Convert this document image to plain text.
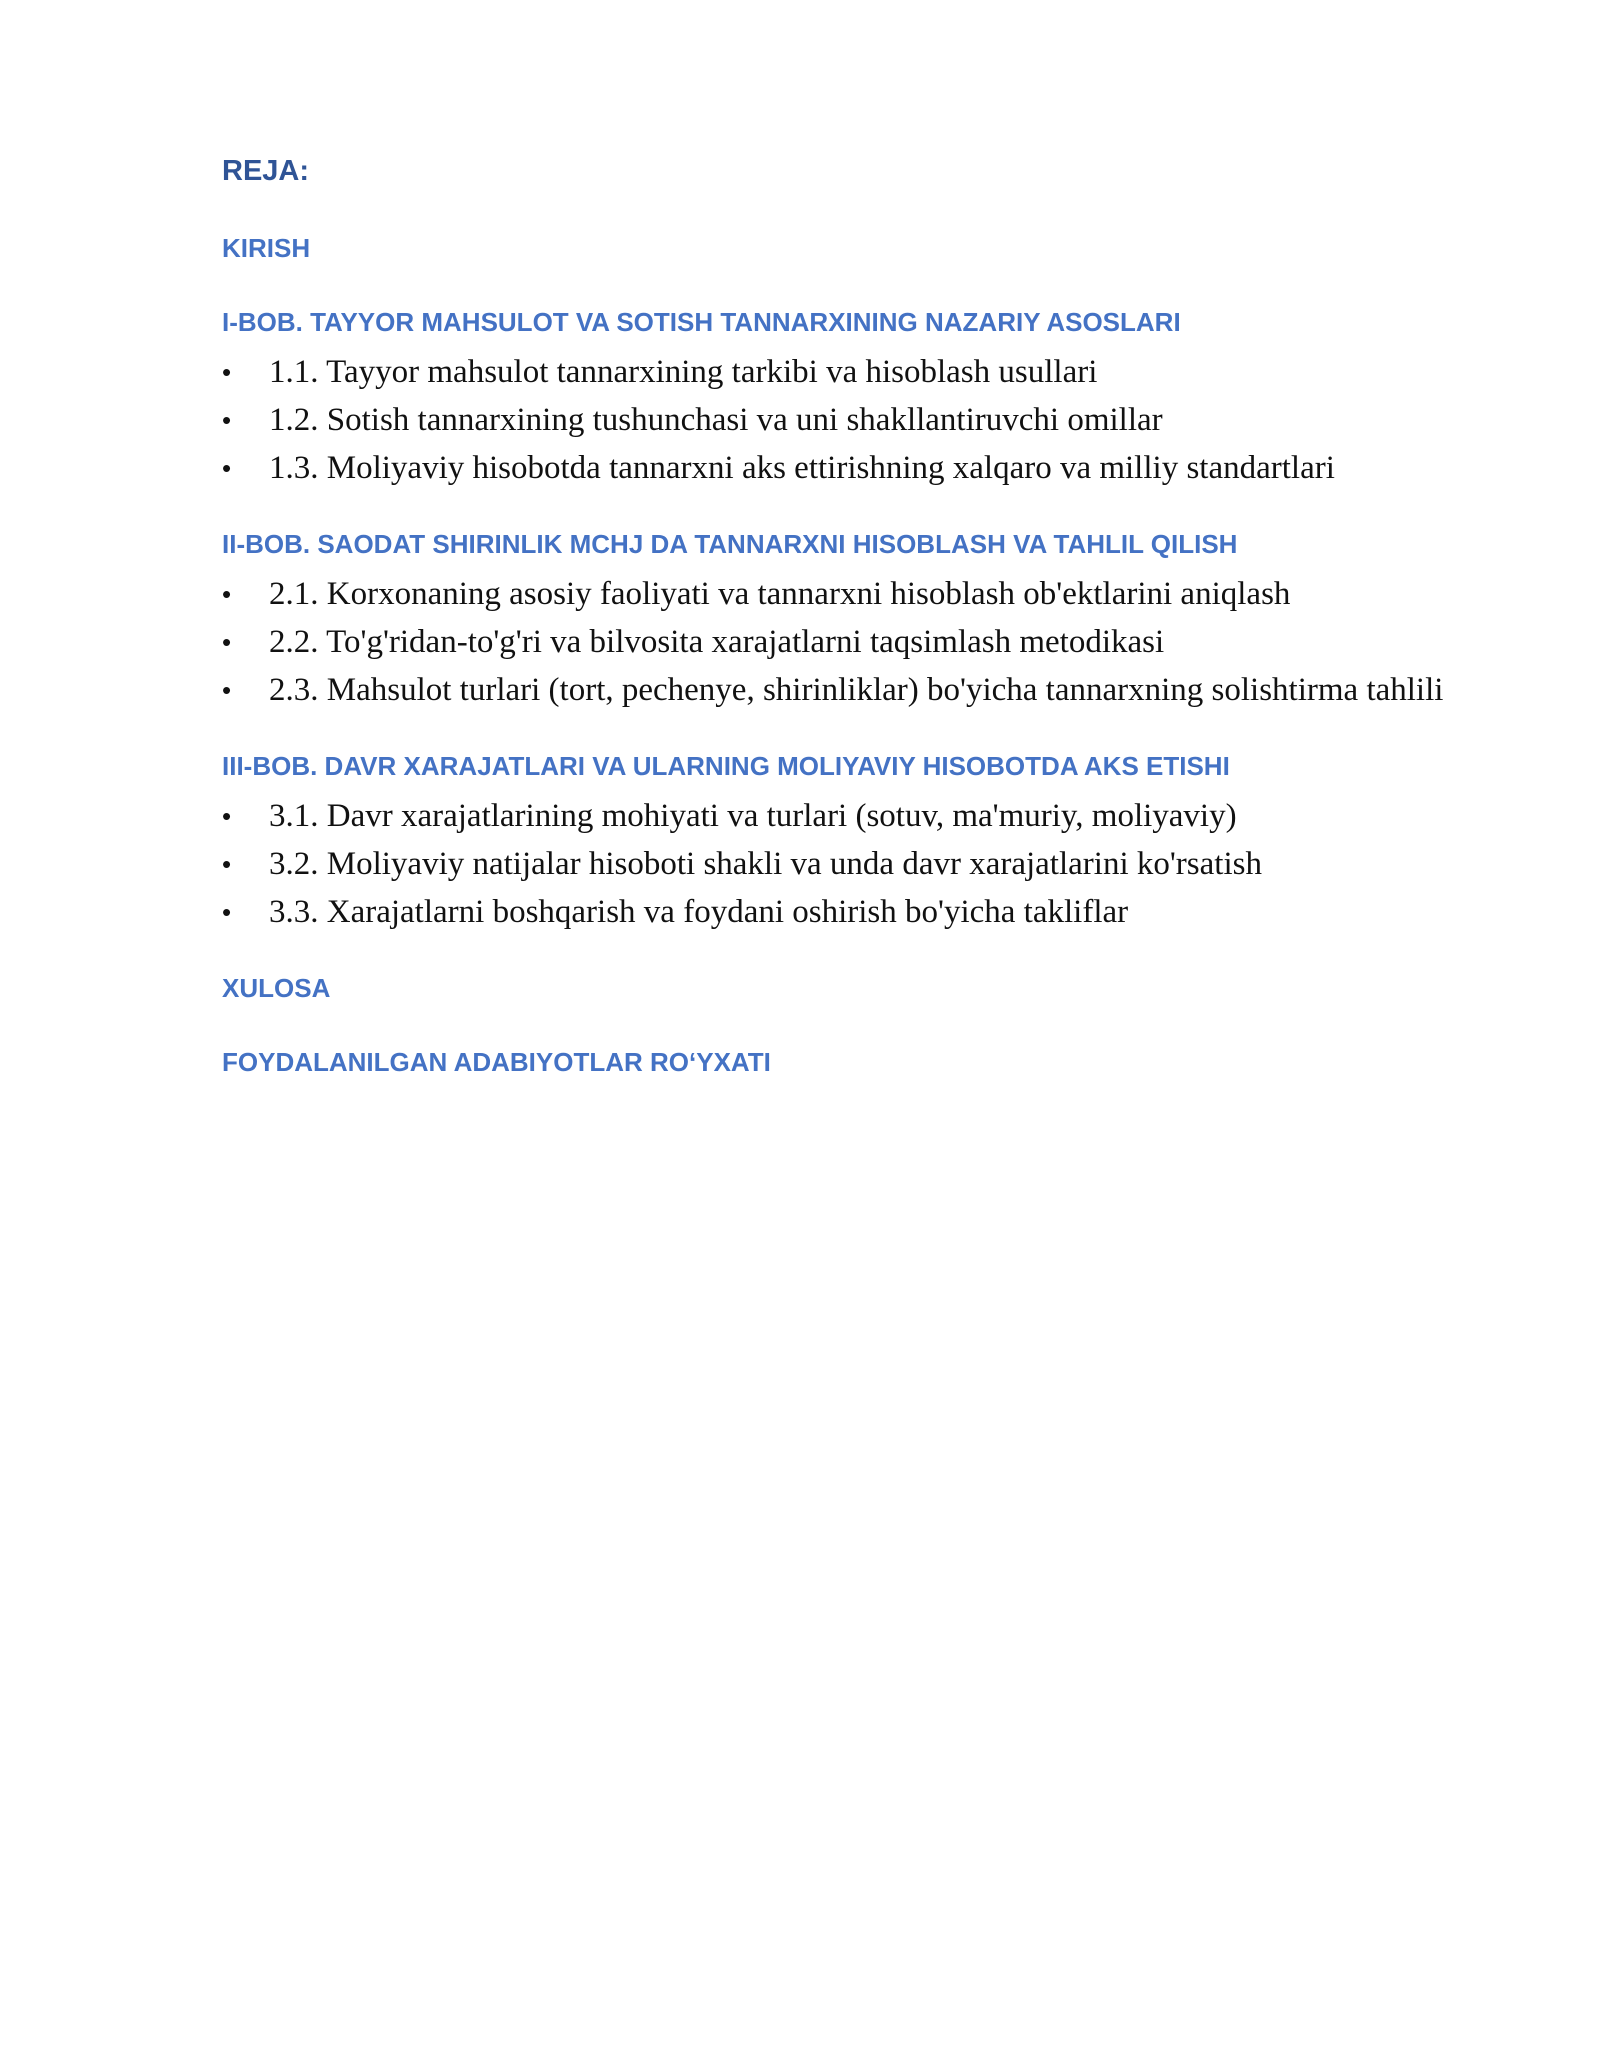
REJA:
KIRISH
I-BOB. TAYYOR MAHSULOT VA SOTISH TANNARXINING NAZARIY ASOSLARI
•	1.1. Tayyor mahsulot tannarxining tarkibi va hisoblash usullari
•	1.2. Sotish tannarxining tushunchasi va uni shakllantiruvchi omillar
•	1.3. Moliyaviy hisobotda tannarxni aks ettirishning xalqaro va milliy standartlari
II-BOB. SAODAT SHIRINLIK MCHJ DA TANNARXNI HISOBLASH VA TAHLIL QILISH
•	2.1. Korxonaning asosiy faoliyati va tannarxni hisoblash ob'ektlarini aniqlash
•	2.2. To'g'ridan-to'g'ri va bilvosita xarajatlarni taqsimlash metodikasi
•	2.3. Mahsulot turlari (tort, pechenye, shirinliklar) bo'yicha tannarxning solishtirma tahlili
III-BOB. DAVR XARAJATLARI VA ULARNING MOLIYAVIY HISOBOTDA AKS ETISHI
•	3.1. Davr xarajatlarining mohiyati va turlari (sotuv, ma'muriy, moliyaviy)
•	3.2. Moliyaviy natijalar hisoboti shakli va unda davr xarajatlarini ko'rsatish
•	3.3. Xarajatlarni boshqarish va foydani oshirish bo'yicha takliflar
XULOSA
FOYDALANILGAN ADABIYOTLAR RO‘YXATI
